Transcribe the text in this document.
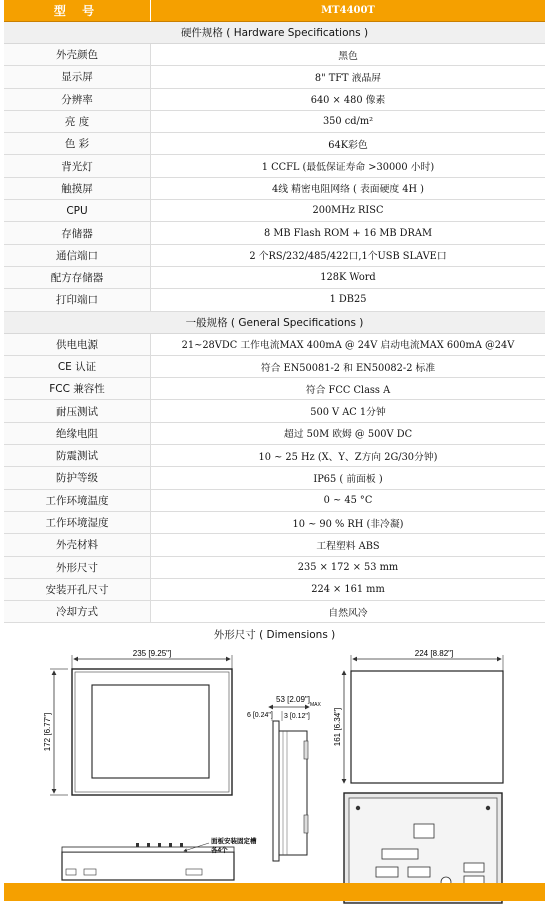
型 号	MT4400T
硬件规格 ( Hardware Specifications )
外壳颜色	黑色
显示屏	8" TFT 液晶屏
分辨率	640 × 480 像素
亮 度	350 cd/m²
色 彩	64K彩色
背光灯	1 CCFL (最低保证寿命 >30000 小时)
触摸屏	4线 精密电阻网络 ( 表面硬度 4H )
CPU	200MHz RISC
存储器	8 MB Flash ROM + 16 MB DRAM
通信端口	2 个RS/232/485/422口,1个USB SLAVE口
配方存储器	128K Word
打印端口	1 DB25
一般规格 ( General Specifications )
供电电源	21~28VDC 工作电流MAX 400mA @ 24V 启动电流MAX 600mA @24V
CE 认证	符合 EN50081-2 和 EN50082-2 标准
FCC 兼容性	符合 FCC Class A
耐压测试	500 V AC 1分钟
绝缘电阻	超过 50M 欧姆 @ 500V DC
防震测试	10 ~ 25 Hz (X、Y、Z方向 2G/30分钟)
防护等级	IP65 ( 前面板 )
工作环境温度	0 ~ 45 °C
工作环境湿度	10 ~ 90 % RH (非冷凝)
外壳材料	工程塑料 ABS
外形尺寸	235 × 172 × 53 mm
安装开孔尺寸	224 × 161 mm
冷却方式	自然风冷
外形尺寸 ( Dimensions )
235 [9.25"]
172 [6.77"]
面板安装固定槽
各4个
53 [2.09"]
MAX
6 [0.24"] 3 [0.12"]
224 [8.82"]
161 [6.34"]
